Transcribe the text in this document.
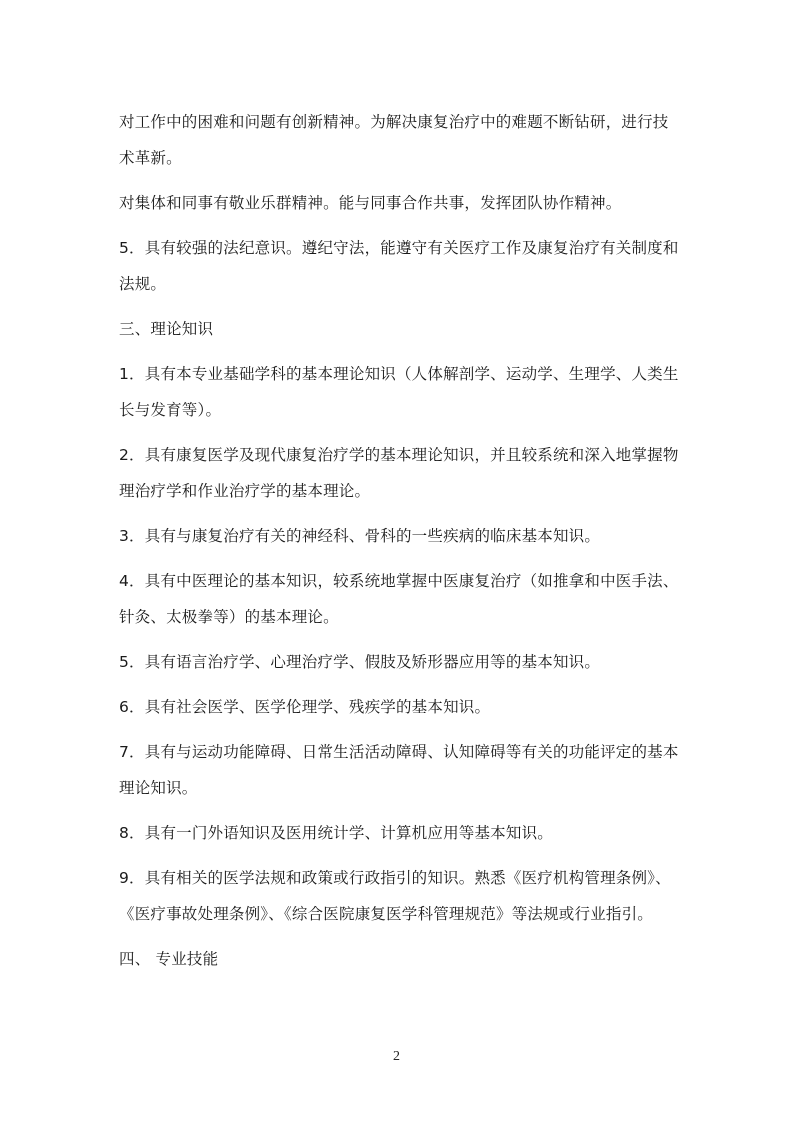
对工作中的困难和问题有创新精神。为解决康复治疗中的难题不断钻研，进行技术革新。

对集体和同事有敬业乐群精神。能与同事合作共事，发挥团队协作精神。

5．具有较强的法纪意识。遵纪守法，能遵守有关医疗工作及康复治疗有关制度和法规。

三、理论知识

1．具有本专业基础学科的基本理论知识（人体解剖学、运动学、生理学、人类生长与发育等）。

2．具有康复医学及现代康复治疗学的基本理论知识，并且较系统和深入地掌握物理治疗学和作业治疗学的基本理论。

3．具有与康复治疗有关的神经科、骨科的一些疾病的临床基本知识。

4．具有中医理论的基本知识，较系统地掌握中医康复治疗（如推拿和中医手法、针灸、太极拳等）的基本理论。

5．具有语言治疗学、心理治疗学、假肢及矫形器应用等的基本知识。

6．具有社会医学、医学伦理学、残疾学的基本知识。

7．具有与运动功能障碍、日常生活活动障碍、认知障碍等有关的功能评定的基本理论知识。

8．具有一门外语知识及医用统计学、计算机应用等基本知识。

9．具有相关的医学法规和政策或行政指引的知识。熟悉《医疗机构管理条例》、《医疗事故处理条例》、《综合医院康复医学科管理规范》等法规或行业指引。

四、 专业技能

2
